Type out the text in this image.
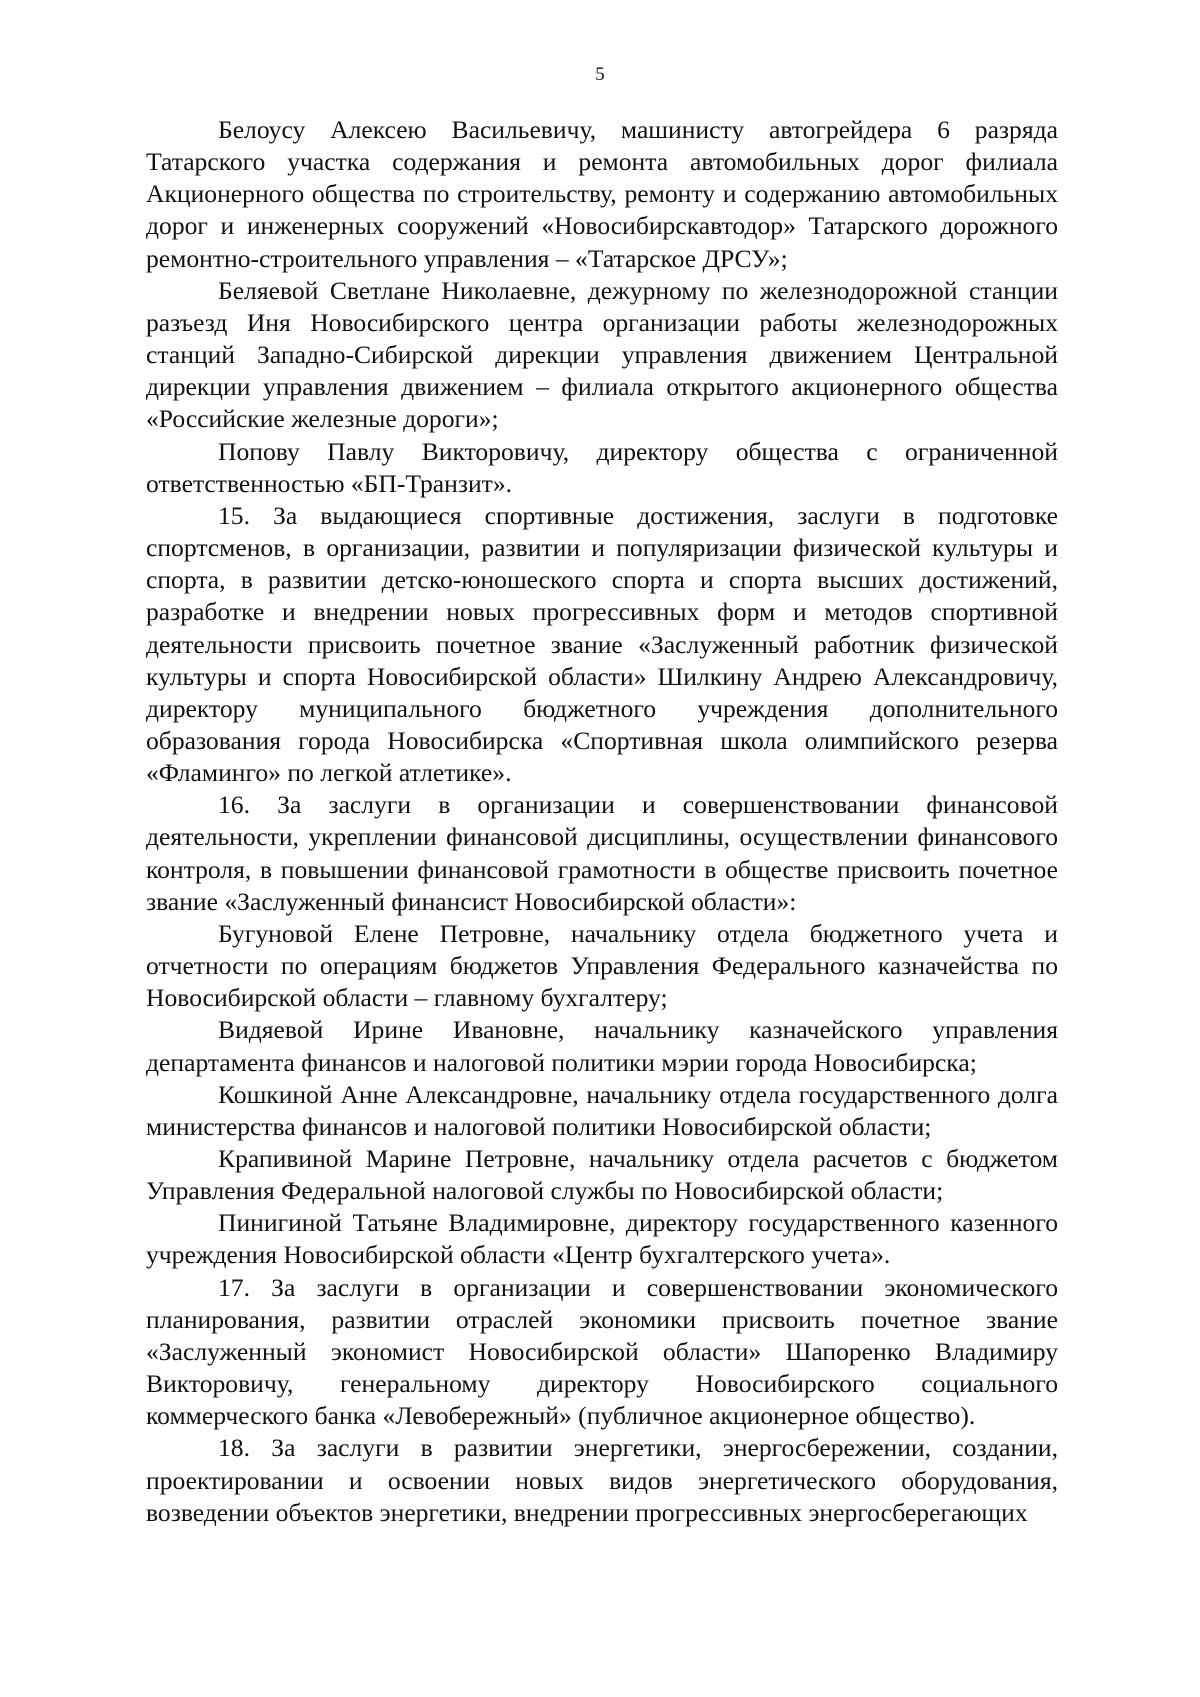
5

Белоусу Алексею Васильевичу, машинисту автогрейдера 6 разряда Татарского участка содержания и ремонта автомобильных дорог филиала Акционерного общества по строительству, ремонту и содержанию автомобильных дорог и инженерных сооружений «Новосибирскавтодор» Татарского дорожного ремонтно-строительного управления – «Татарское ДРСУ»;

Беляевой Светлане Николаевне, дежурному по железнодорожной станции разъезд Иня Новосибирского центра организации работы железнодорожных станций Западно-Сибирской дирекции управления движением Центральной дирекции управления движением – филиала открытого акционерного общества «Российские железные дороги»;

Попову Павлу Викторовичу, директору общества с ограниченной ответственностью «БП-Транзит».

15. За выдающиеся спортивные достижения, заслуги в подготовке спортсменов, в организации, развитии и популяризации физической культуры и спорта, в развитии детско-юношеского спорта и спорта высших достижений, разработке и внедрении новых прогрессивных форм и методов спортивной деятельности присвоить почетное звание «Заслуженный работник физической культуры и спорта Новосибирской области» Шилкину Андрею Александровичу, директору муниципального бюджетного учреждения дополнительного образования города Новосибирска «Спортивная школа олимпийского резерва «Фламинго» по легкой атлетике».

16. За заслуги в организации и совершенствовании финансовой деятельности, укреплении финансовой дисциплины, осуществлении финансового контроля, в повышении финансовой грамотности в обществе присвоить почетное звание «Заслуженный финансист Новосибирской области»:

Бугуновой Елене Петровне, начальнику отдела бюджетного учета и отчетности по операциям бюджетов Управления Федерального казначейства по Новосибирской области – главному бухгалтеру;

Видяевой Ирине Ивановне, начальнику казначейского управления департамента финансов и налоговой политики мэрии города Новосибирска;

Кошкиной Анне Александровне, начальнику отдела государственного долга министерства финансов и налоговой политики Новосибирской области;

Крапивиной Марине Петровне, начальнику отдела расчетов с бюджетом Управления Федеральной налоговой службы по Новосибирской области;

Пинигиной Татьяне Владимировне, директору государственного казенного учреждения Новосибирской области «Центр бухгалтерского учета».

17. За заслуги в организации и совершенствовании экономического планирования, развитии отраслей экономики присвоить почетное звание «Заслуженный экономист Новосибирской области» Шапоренко Владимиру Викторовичу, генеральному директору Новосибирского социального коммерческого банка «Левобережный» (публичное акционерное общество).

18. За заслуги в развитии энергетики, энергосбережении, создании, проектировании и освоении новых видов энергетического оборудования, возведении объектов энергетики, внедрении прогрессивных энергосберегающих
